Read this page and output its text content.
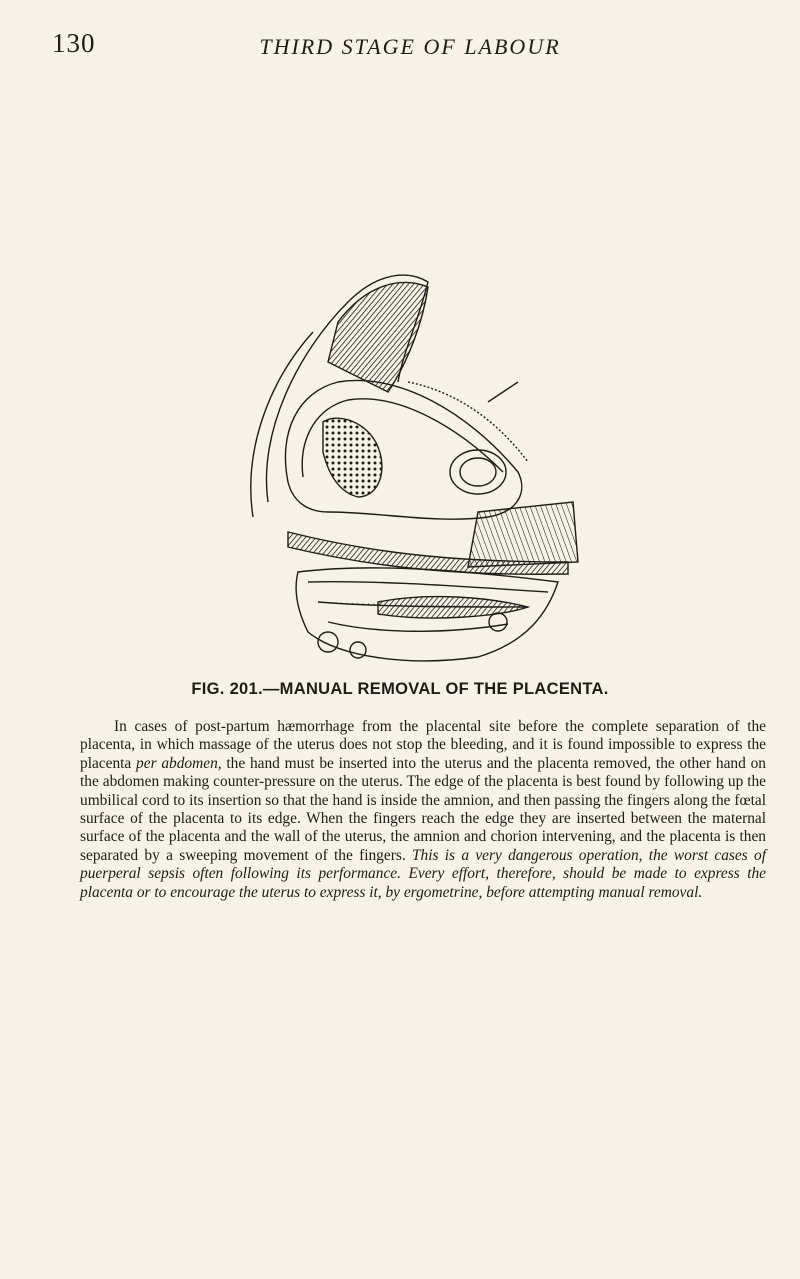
130	THIRD STAGE OF LABOUR
FIG. 201.—MANUAL REMOVAL OF THE PLACENTA.

In cases of post-partum hæmorrhage from the placental site before the complete separation of the placenta, in which massage of the uterus does not stop the bleeding, and it is found impossible to express the placenta per abdomen, the hand must be inserted into the uterus and the placenta removed, the other hand on the abdomen making counter-pressure on the uterus. The edge of the placenta is best found by following up the umbilical cord to its insertion so that the hand is inside the amnion, and then passing the fingers along the fœtal surface of the placenta to its edge. When the fingers reach the edge they are inserted between the maternal surface of the placenta and the wall of the uterus, the amnion and chorion intervening, and the placenta is then separated by a sweeping movement of the fingers. This is a very dangerous operation, the worst cases of puerperal sepsis often following its performance. Every effort, therefore, should be made to express the placenta or to encourage the uterus to express it, by ergometrine, before attempting manual removal.
